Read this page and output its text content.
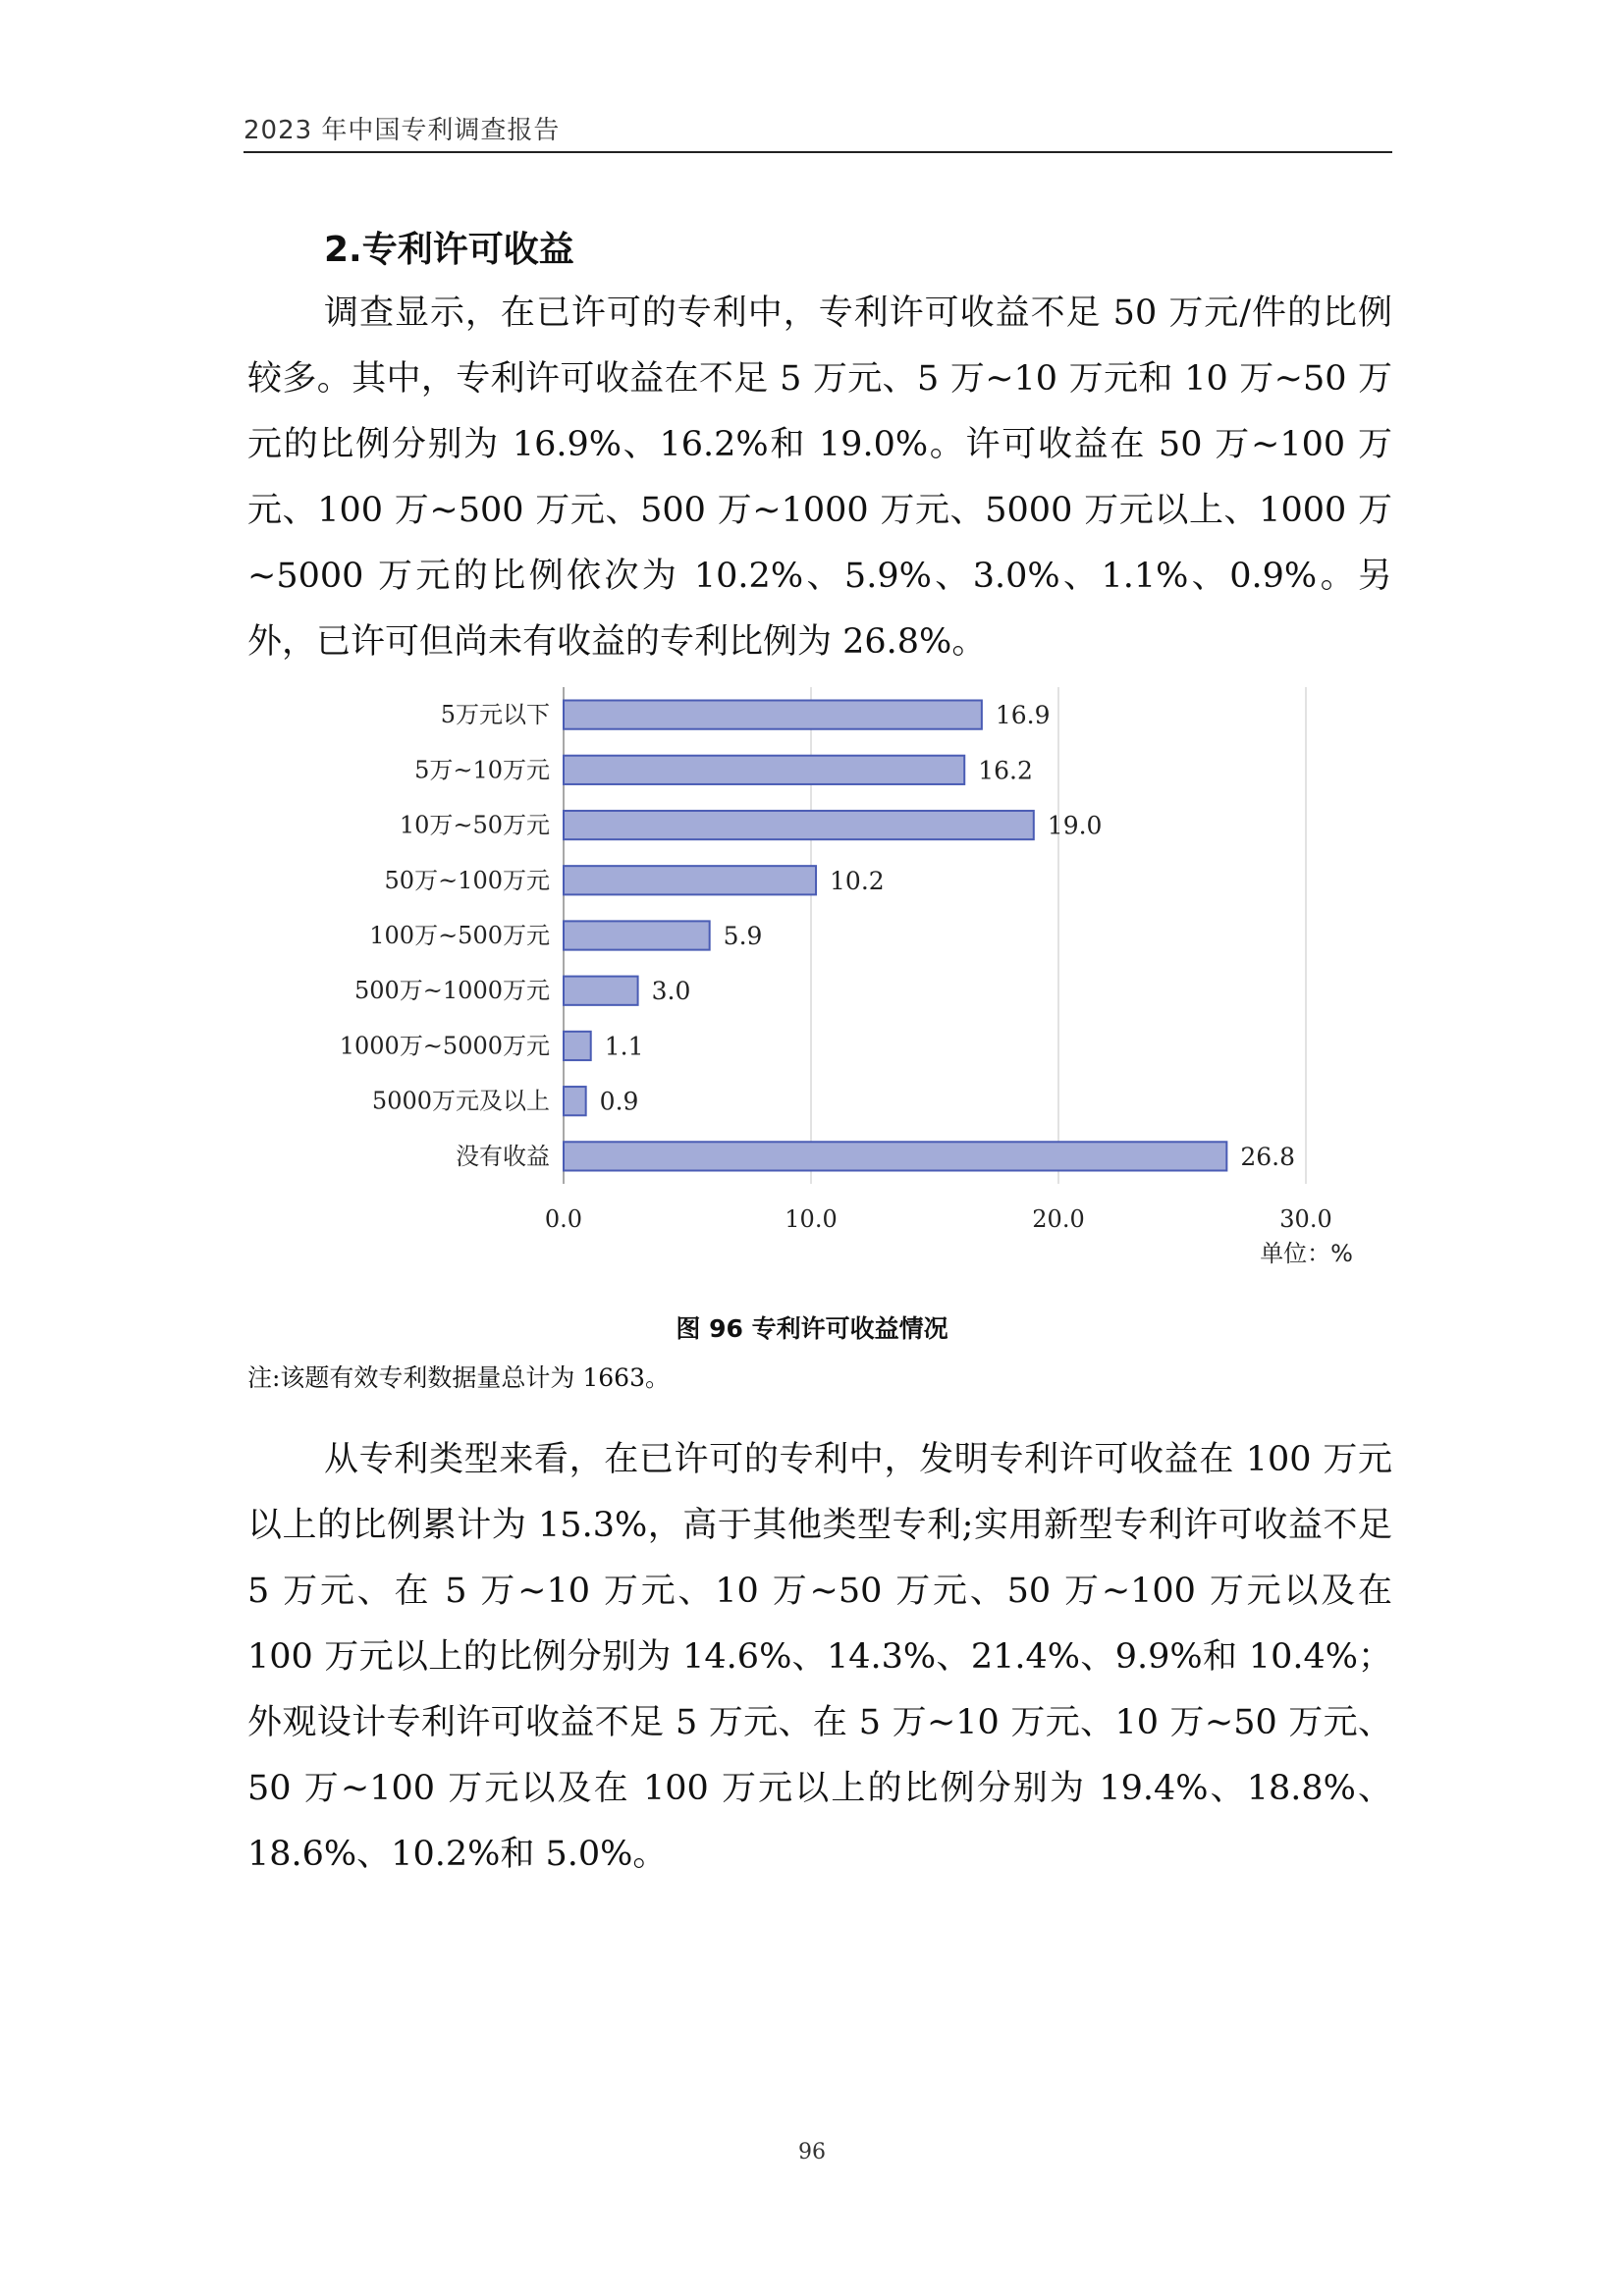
2023 年中国专利调查报告
2.专利许可收益

调查显示，在已许可的专利中，专利许可收益不足 50 万元/件的比例较多。其中，专利许可收益在不足 5 万元、5 万~10 万元和 10 万~50 万元的比例分别为 16.9%、16.2%和 19.0%。许可收益在 50 万~100 万元、100 万~500 万元、500 万~1000 万元、5000 万元以上、1000 万~5000 万元的比例依次为 10.2%、5.9%、3.0%、1.1%、0.9%。另外，已许可但尚未有收益的专利比例为 26.8%。

5万元以下	16.9
5万~10万元	16.2
10万~50万元	19.0
50万~100万元	10.2
100万~500万元	5.9
500万~1000万元	3.0
1000万~5000万元 1.1
5000万元及以上 0.9
没有收益	26.8
0.0	10.0	20.0	30.0
单位：%
图 96 专利许可收益情况
注:该题有效专利数据量总计为 1663。

从专利类型来看，在已许可的专利中，发明专利许可收益在 100 万元以上的比例累计为 15.3%，高于其他类型专利;实用新型专利许可收益不足 5 万元、在 5 万~10 万元、10 万~50 万元、50 万~100 万元以及在 100 万元以上的比例分别为 14.6%、14.3%、21.4%、9.9%和 10.4%；外观设计专利许可收益不足 5 万元、在 5 万~10 万元、10 万~50 万元、50 万~100 万元以及在 100 万元以上的比例分别为 19.4%、18.8%、18.6%、10.2%和 5.0%。

96
